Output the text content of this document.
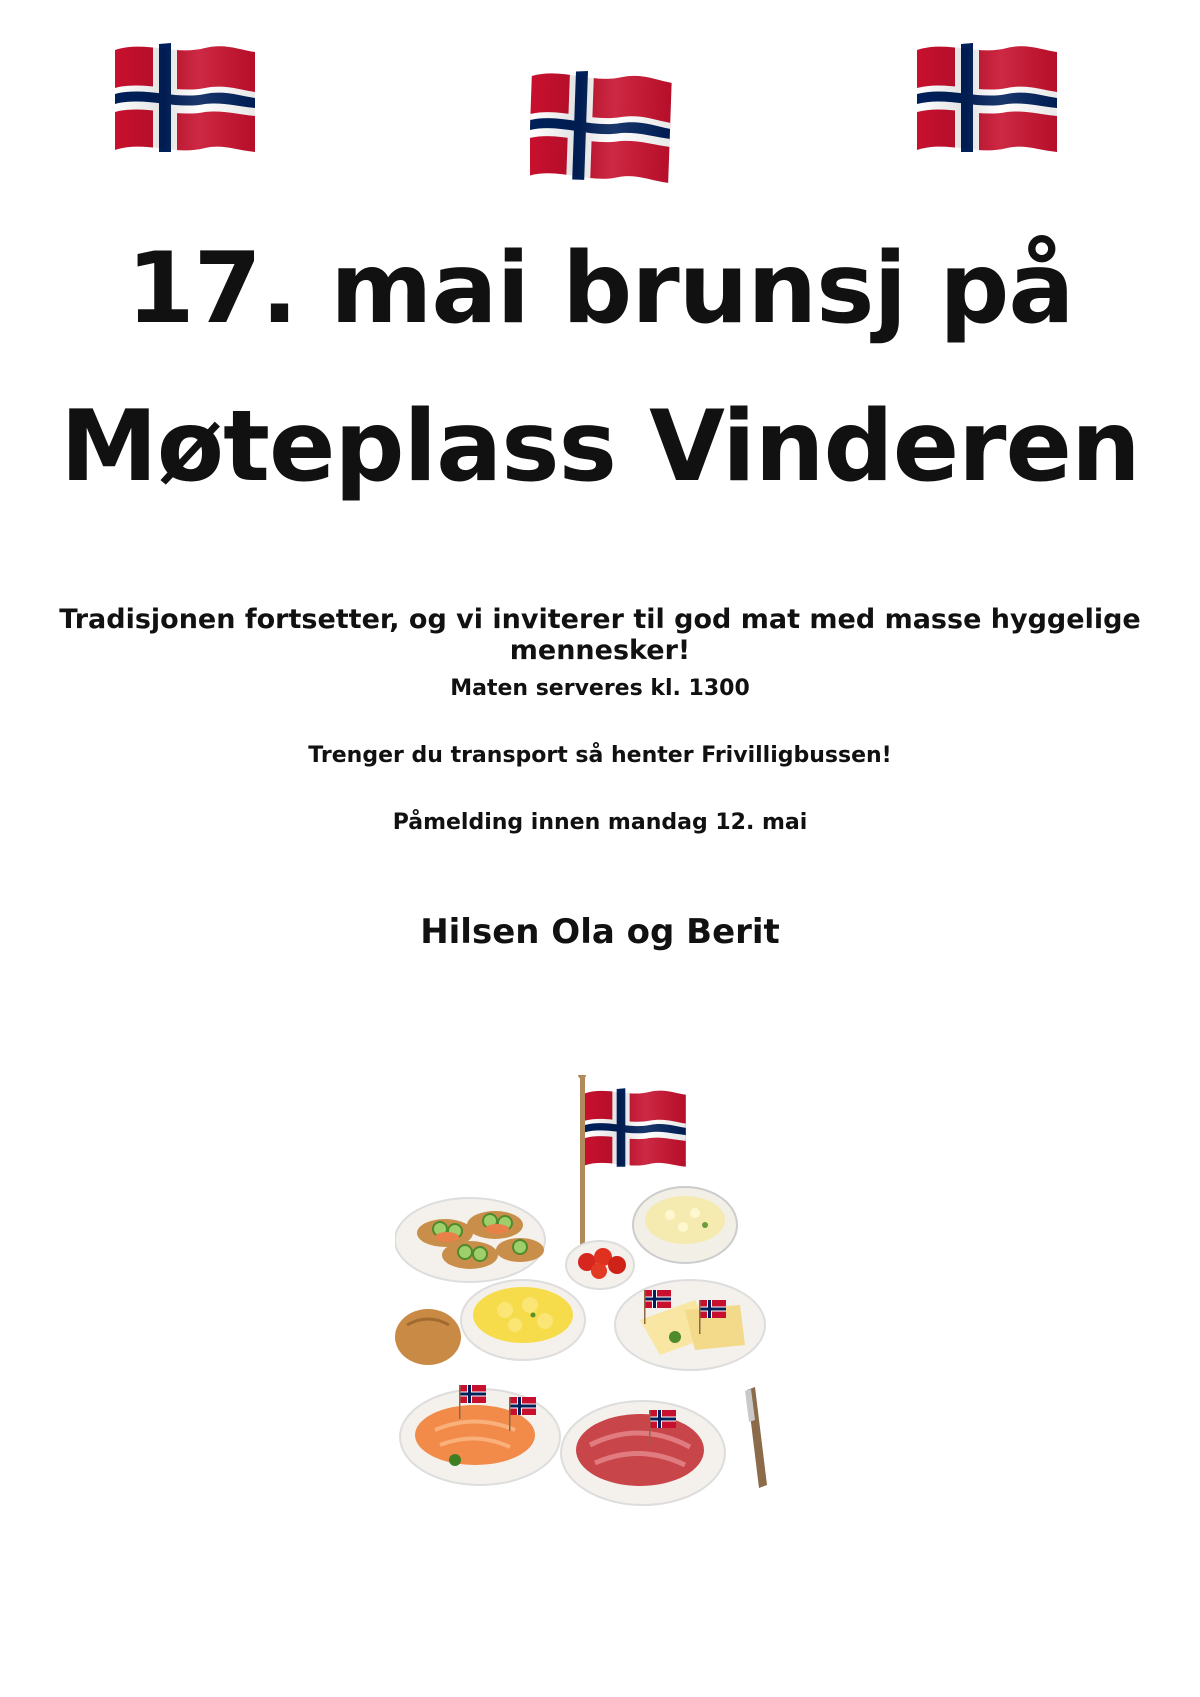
17. mai brunsj på
Møteplass Vinderen

Tradisjonen fortsetter, og vi inviterer til god mat med masse hyggelige mennesker!

Maten serveres kl. 1300

Trenger du transport så henter Frivilligbussen!

Påmelding innen mandag 12. mai

Hilsen Ola og Berit
